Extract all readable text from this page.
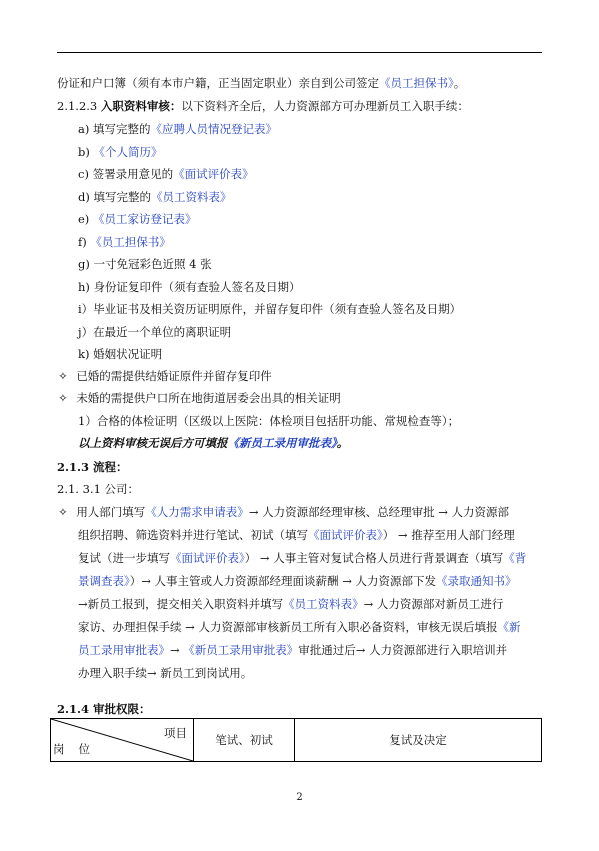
份证和户口簿（须有本市户籍，正当固定职业）亲自到公司签定《员工担保书》。
2.1.2.3 入职资料审核：以下资料齐全后，人力资源部方可办理新员工入职手续：
a) 填写完整的《应聘人员情况登记表》
b) 《个人简历》
c) 签署录用意见的《面试评价表》
d) 填写完整的《员工资料表》
e) 《员工家访登记表》
f) 《员工担保书》
g) 一寸免冠彩色近照 4 张
h) 身份证复印件（须有查验人签名及日期）
i）毕业证书及相关资历证明原件，并留存复印件（须有查验人签名及日期）
j）在最近一个单位的离职证明
k) 婚姻状况证明
✧ 已婚的需提供结婚证原件并留存复印件
✧ 未婚的需提供户口所在地街道居委会出具的相关证明
1）合格的体检证明（区级以上医院：体检项目包括肝功能、常规检查等）；
以上资料审核无误后方可填报《新员工录用审批表》。
2.1.3 流程：
2.1. 3.1 公司：
✧ 用人部门填写《人力需求申请表》→ 人力资源部经理审核、总经理审批 → 人力资源部
组织招聘、筛选资料并进行笔试、初试（填写《面试评价表》） → 推荐至用人部门经理
复试（进一步填写《面试评价表》） → 人事主管对复试合格人员进行背景调查（填写《背
景调查表》）→ 人事主管或人力资源部经理面谈薪酬 → 人力资源部下发《录取通知书》
→新员工报到，提交相关入职资料并填写《员工资料表》→ 人力资源部对新员工进行
家访、办理担保手续 → 人力资源部审核新员工所有入职必备资料，审核无误后填报《新
员工录用审批表》→ 《新员工录用审批表》审批通过后→ 人力资源部进行入职培训并
办理入职手续→ 新员工到岗试用。
2.1.4 审批权限：
项目
岗位
	笔试、初试	复试及决定
2
